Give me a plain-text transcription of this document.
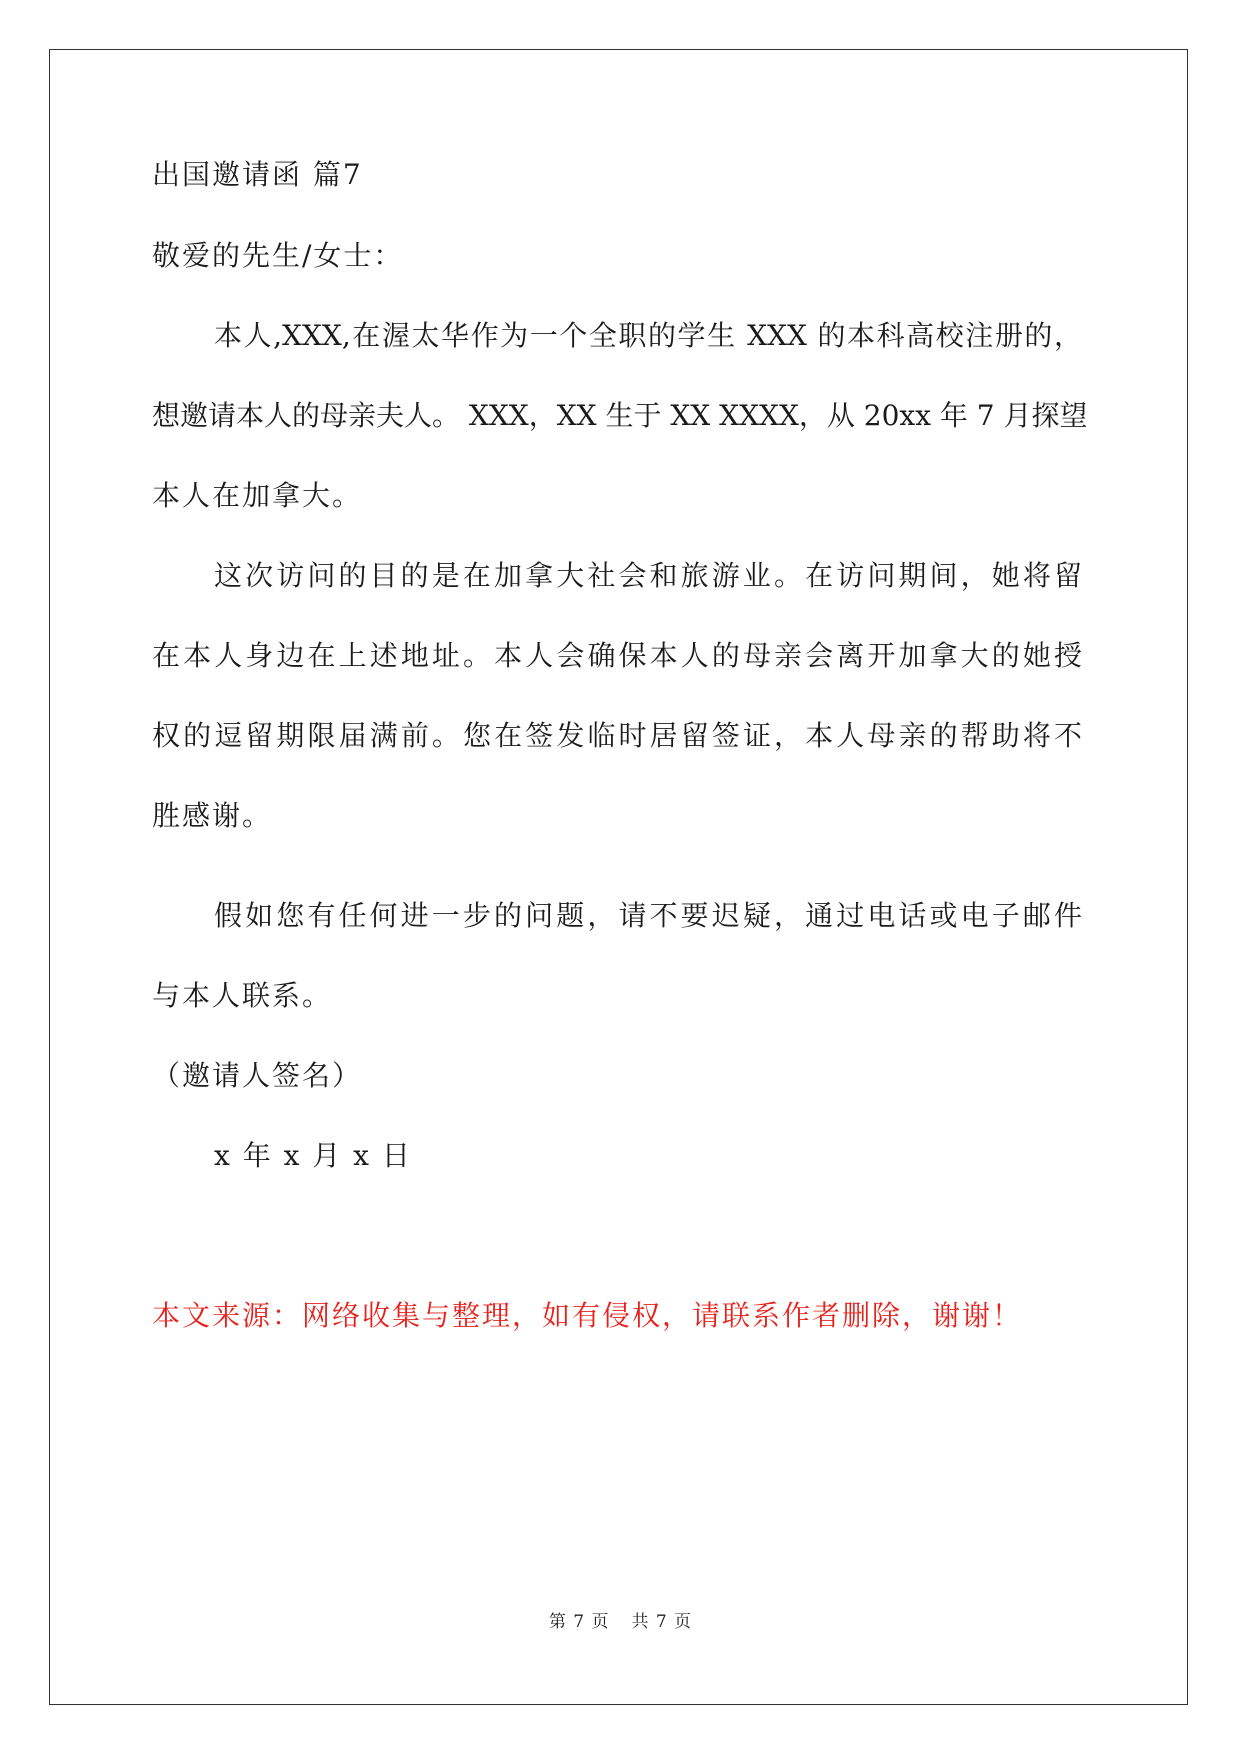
出国邀请函 篇7
敬爱的先生/女士：
本人,XXX,在渥太华作为一个全职的学生 XXX 的本科高校注册的，
想邀请本人的母亲夫人。 XXX，XX 生于 XX XXXX，从 20xx 年 7 月探望
本人在加拿大。
这次访问的目的是在加拿大社会和旅游业。在访问期间，她将留
在本人身边在上述地址。本人会确保本人的母亲会离开加拿大的她授
权的逗留期限届满前。您在签发临时居留签证，本人母亲的帮助将不
胜感谢。
假如您有任何进一步的问题，请不要迟疑，通过电话或电子邮件
与本人联系。
（邀请人签名）
x 年 x 月 x 日
本文来源：网络收集与整理，如有侵权，请联系作者删除，谢谢！
第 7 页 共 7 页
